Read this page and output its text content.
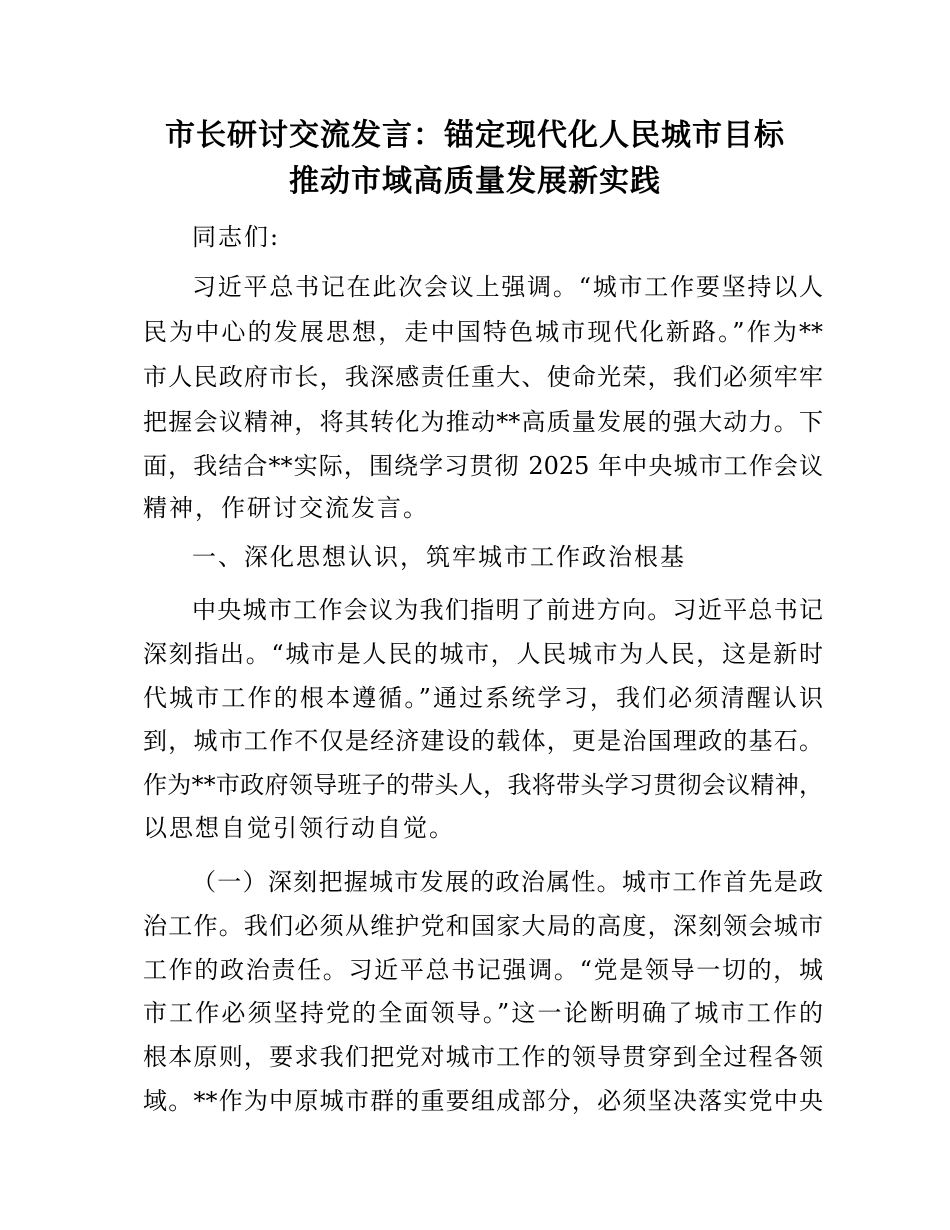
市长研讨交流发言：锚定现代化人民城市目标
推动市域高质量发展新实践
同志们:
习近平总书记在此次会议上强调。“城市工作要坚持以人
民为中心的发展思想，走中国特色城市现代化新路。”作为**
市人民政府市长，我深感责任重大、使命光荣，我们必须牢牢
把握会议精神，将其转化为推动**高质量发展的强大动力。下
面，我结合**实际，围绕学习贯彻 2025 年中央城市工作会议
精神，作研讨交流发言。
一、深化思想认识，筑牢城市工作政治根基
中央城市工作会议为我们指明了前进方向。习近平总书记
深刻指出。“城市是人民的城市，人民城市为人民，这是新时
代城市工作的根本遵循。”通过系统学习，我们必须清醒认识
到，城市工作不仅是经济建设的载体，更是治国理政的基石。
作为**市政府领导班子的带头人，我将带头学习贯彻会议精神，
以思想自觉引领行动自觉。
（一）深刻把握城市发展的政治属性。城市工作首先是政
治工作。我们必须从维护党和国家大局的高度，深刻领会城市
工作的政治责任。习近平总书记强调。“党是领导一切的，城
市工作必须坚持党的全面领导。”这一论断明确了城市工作的
根本原则，要求我们把党对城市工作的领导贯穿到全过程各领
域。**作为中原城市群的重要组成部分，必须坚决落实党中央
